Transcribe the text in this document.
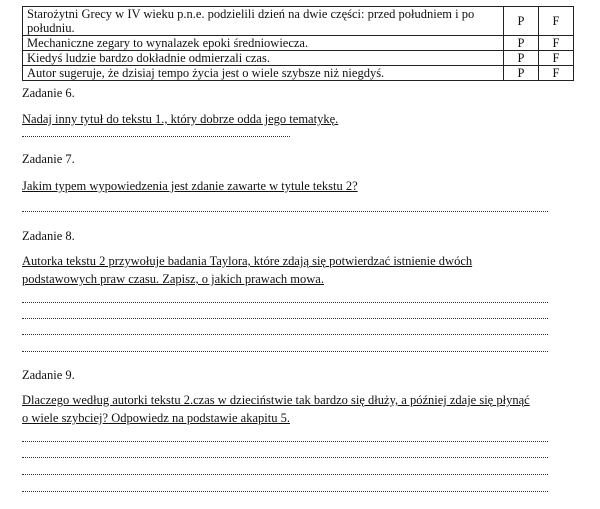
Starożytni Grecy w IV wieku p.n.e. podzielili dzień na dwie części: przed południem i po południu.	P	F
Mechaniczne zegary to wynalazek epoki średniowiecza.	P	F
Kiedyś ludzie bardzo dokładnie odmierzali czas.	P	F
Autor sugeruje, że dzisiaj tempo życia jest o wiele szybsze niż niegdyś.	P	F
Zadanie 6.
Nadaj inny tytuł do tekstu 1., który dobrze odda jego tematykę.
Zadanie 7.
Jakim typem wypowiedzenia jest zdanie zawarte w tytule tekstu 2?
Zadanie 8.
Autorka tekstu 2 przywołuje badania Taylora, które zdają się potwierdzać istnienie dwóch
podstawowych praw czasu. Zapisz, o jakich prawach mowa.
Zadanie 9.
Dlaczego według autorki tekstu 2.czas w dzieciństwie tak bardzo się dłuży, a później zdaje się płynąć
o wiele szybciej? Odpowiedz na podstawie akapitu 5.
